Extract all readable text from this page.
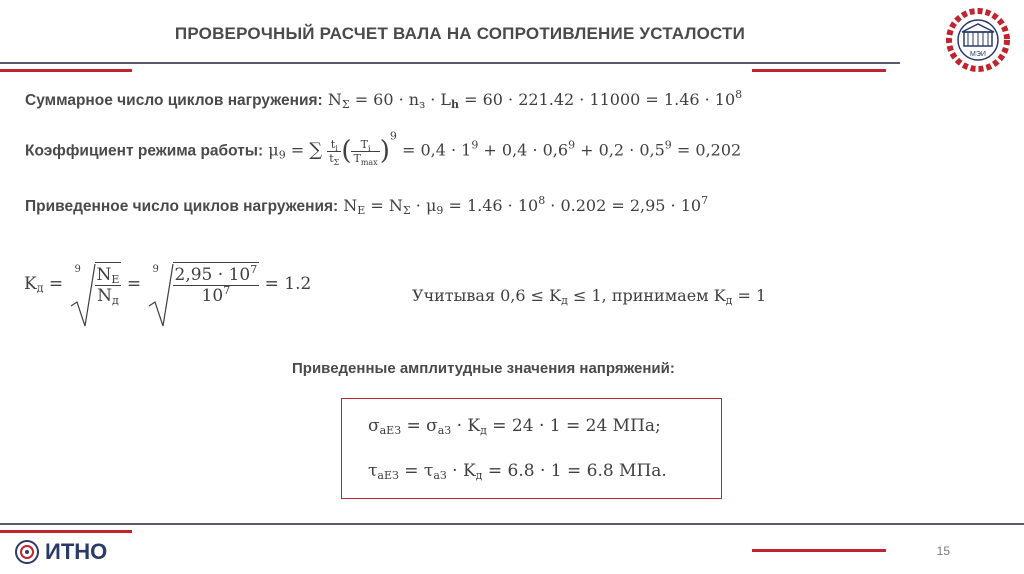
ПРОВЕРОЧНЫЙ РАСЧЕТ ВАЛА НА СОПРОТИВЛЕНИЕ УСТАЛОСТИ
МЭИ
Суммарное число циклов нагружения: $N_\Sigma = 60 \cdot n_з \cdot L_h = 60 \cdot 221.42 \cdot 11000 = 1.46 \cdot 10^8$
Коэффициент режима работы: $\mu_9$ = ∑ $\frac{t_i}{t_\Sigma}$ ( $\frac{T_i}{T_{max}} )^9 = 0,4 \cdot 1^9 + 0,4 \cdot 0,6^9 + 0,2 \cdot 0,5^9 = 0,202$
Приведенное число циклов нагружения: $N_E = N_\Sigma \cdot \mu_9 = 1.46 \cdot 10^8 \cdot 0.202 = 2,95 \cdot 10^7$
$K_д$ =
$9 \frac{N_E}{N_д}$ =
$9 \frac{2,95 \cdot 10^7}{10^7} = 1.2$
Учитывая $0,6 \le K_д \le 1$, принимаем $K_д = 1$
Приведенные амплитудные значения напряжений:
$\sigma_{aEЗ} = \sigma_{aЗ} \cdot K_д = 24 \cdot 1 = 24$ МПа;
$\tau_{aEЗ} = \tau_{aЗ} \cdot K_д = 6.8 \cdot 1 = 6.8$ МПа.
ИТНО	15
